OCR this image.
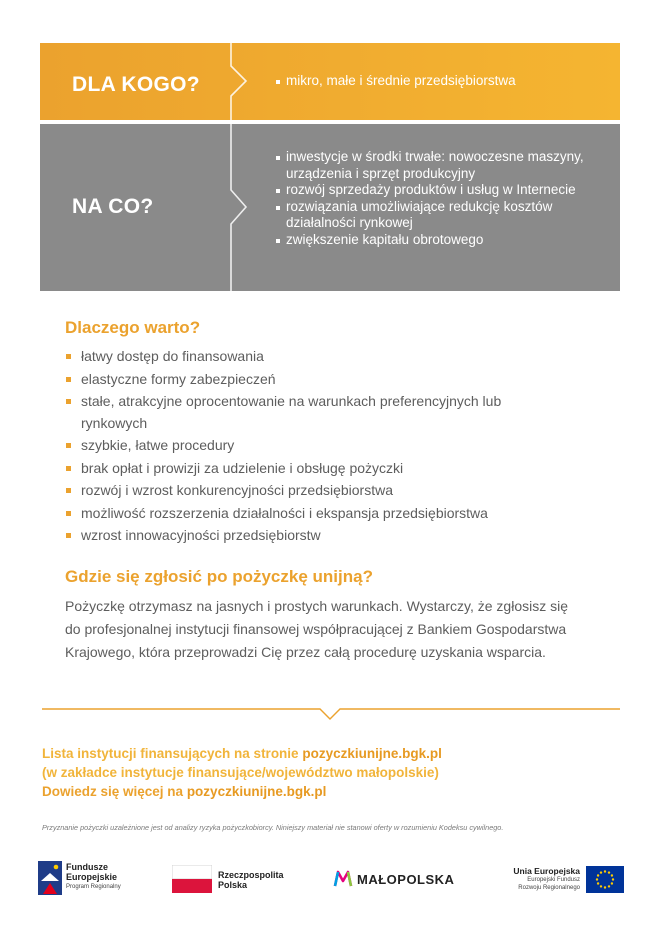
DLA KOGO?	mikro, małe i średnie przedsiębiorstwa
NA CO?
inwestycje w środki trwałe: nowoczesne maszyny, urządzenia i sprzęt produkcyjny
rozwój sprzedaży produktów i usług w Internecie
rozwiązania umożliwiające redukcję kosztów działalności rynkowej
zwiększenie kapitału obrotowego
Dlaczego warto?
łatwy dostęp do finansowania
elastyczne formy zabezpieczeń
stałe, atrakcyjne oprocentowanie na warunkach preferencyjnych lub rynkowych
szybkie, łatwe procedury
brak opłat i prowizji za udzielenie i obsługę pożyczki
rozwój i wzrost konkurencyjności przedsiębiorstwa
możliwość rozszerzenia działalności i ekspansja przedsiębiorstwa
wzrost innowacyjności przedsiębiorstw
Gdzie się zgłosić po pożyczkę unijną?

Pożyczkę otrzymasz na jasnych i prostych warunkach. Wystarczy, że zgłosisz się do profesjonalnej instytucji finansowej współpracującej z Bankiem Gospodarstwa Krajowego, która przeprowadzi Cię przez całą procedurę uzyskania wsparcia.

Lista instytucji finansujących na stronie pozyczkiunijne.bgk.pl
(w zakładce instytucje finansujące/województwo małopolskie)
Dowiedz się więcej na pozyczkiunijne.bgk.pl

Przyznanie pożyczki uzależnione jest od analizy ryzyka pożyczkobiorcy. Niniejszy materiał nie stanowi oferty w rozumieniu Kodeksu cywilnego.

Fundusze
Europejskie
Program Regionalny
Rzeczpospolita
Polska	MAŁOPOLSKA
Unia Europejska
Europejski Fundusz
Rozwoju Regionalnego
